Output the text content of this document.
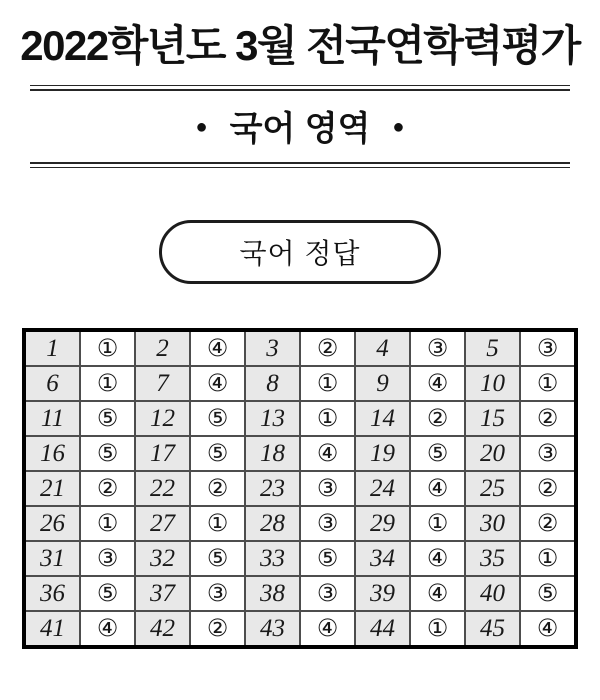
2022학년도 3월 전국연학력평가
● 국어 영역 ●
국어 정답
1	①	2	④	3	②	4	③	5	③
6	①	7	④	8	①	9	④	10	①
11	⑤	12	⑤	13	①	14	②	15	②
16	⑤	17	⑤	18	④	19	⑤	20	③
21	②	22	②	23	③	24	④	25	②
26	①	27	①	28	③	29	①	30	②
31	③	32	⑤	33	⑤	34	④	35	①
36	⑤	37	③	38	③	39	④	40	⑤
41	④	42	②	43	④	44	①	45	④
